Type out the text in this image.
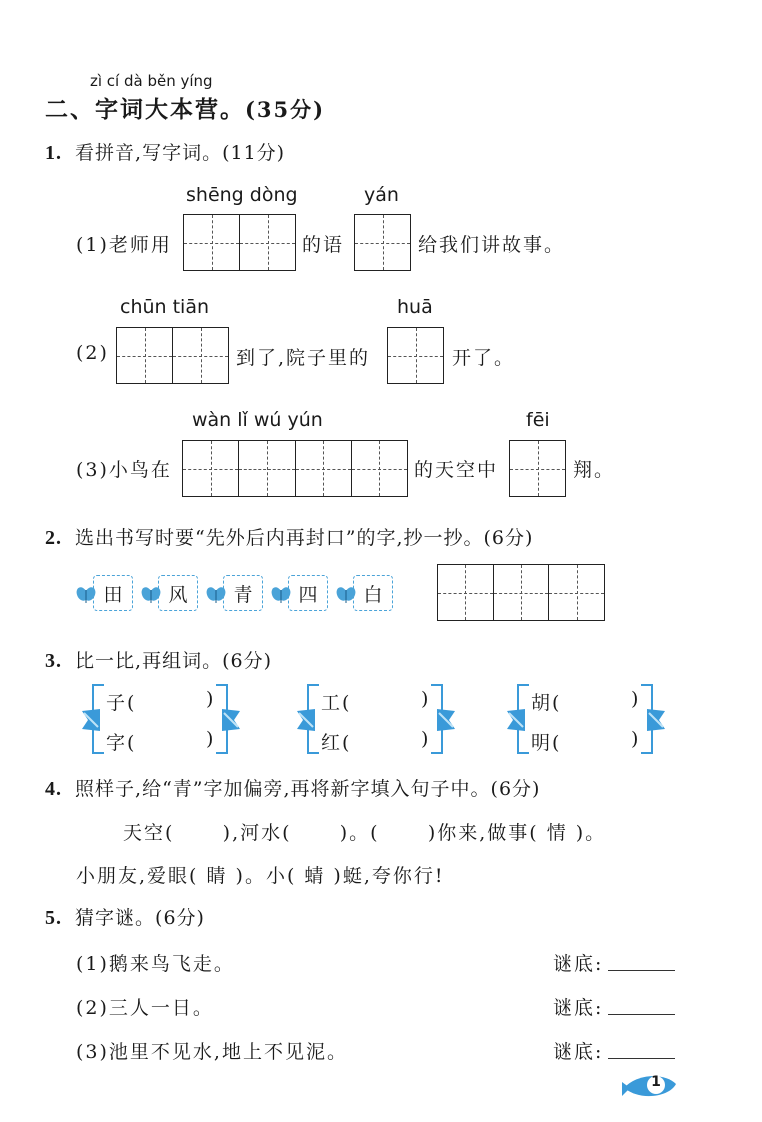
zì cí dà běn yíng
二、字词大本营。(35分)
1. 看拼音,写字词。(11分)
shēng dòng	yán
(1)老师用	的语	给我们讲故事。
chūn tiān	huā
(2)	到了,院子里的	开了。
wàn lǐ wú yún	fēi
(3)小鸟在	的天空中	翔。
2. 选出书写时要“先外后内再封口”的字,抄一抄。(6分)
田	风	青	四	白
3. 比一比,再组词。(6分)
子(	)
字(	)
工(	)
红(	)
胡(	)
明(	)
4. 照样子,给“青”字加偏旁,再将新字填入句子中。(6分)
天空(      ),河水(      )。(      )你来,做事( 情 )。
小朋友,爱眼( 睛 )。小( 蜻 )蜓,夸你行!
5. 猜字谜。(6分)
(1)鹅来鸟飞走。	谜底:
(2)三人一日。	谜底:
(3)池里不见水,地上不见泥。	谜底:
1
